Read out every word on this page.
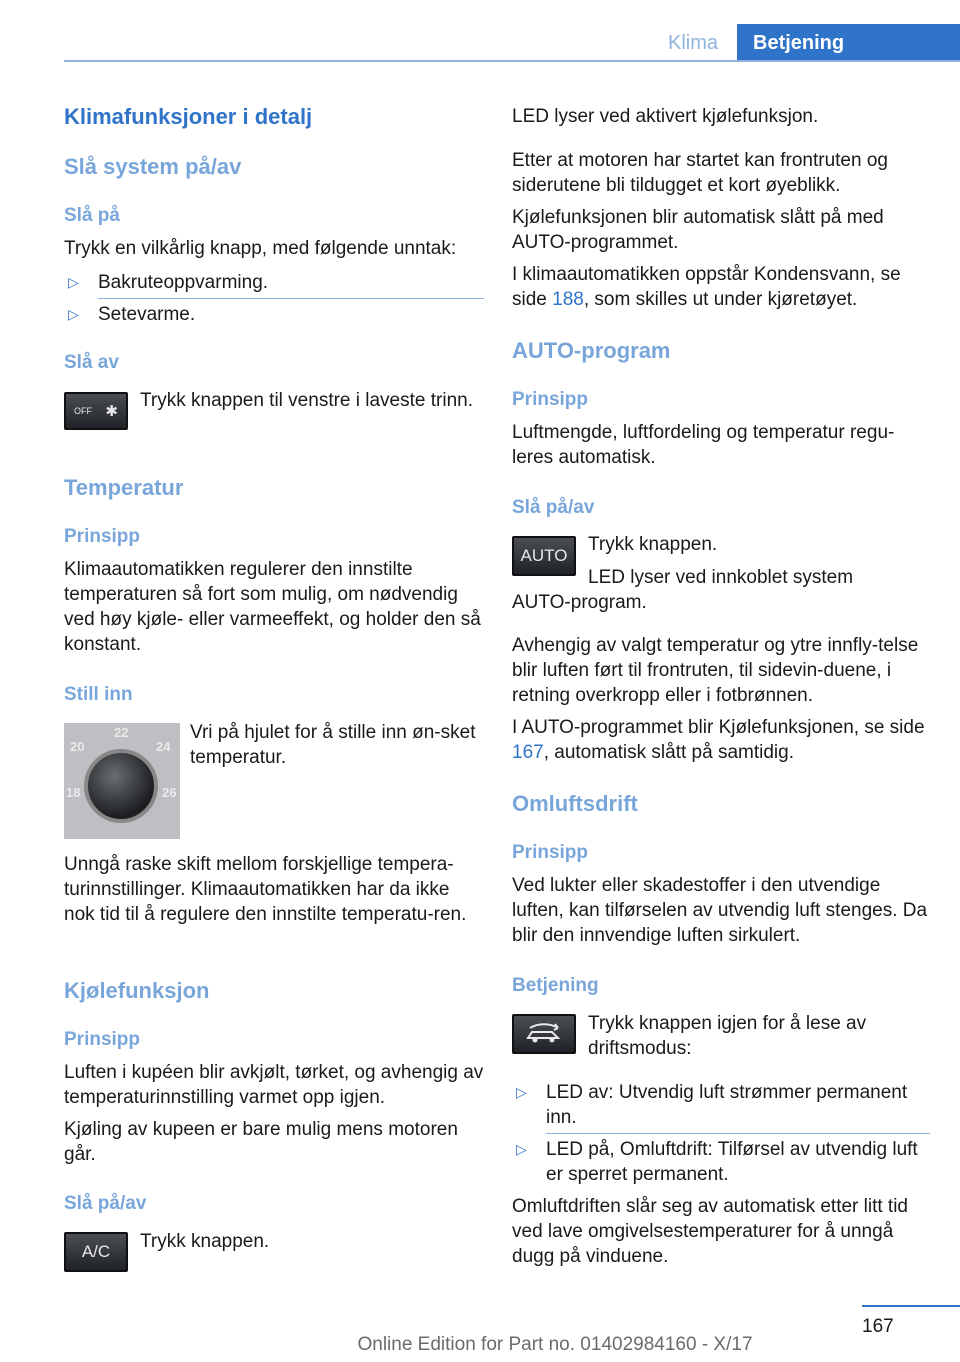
Klima	Betjening
Klimafunksjoner i detalj
Slå system på/av
Slå på
Trykk en vilkårlig knapp, med følgende unntak:
▷ Bakruteoppvarming.
▷ Setevarme.
Slå av
OFF ✱
Trykk knappen til venstre i laveste trinn.
Temperatur
Prinsipp
Klimaautomatikken regulerer den innstilte temperaturen så fort som mulig, om nødvendig ved høy kjøle- eller varmeeffekt, og holder den så konstant.
Still inn
22
20	24
18	26
Vri på hjulet for å stille inn øn-sket temperatur.
Unngå raske skift mellom forskjellige tempera-turinnstillinger. Klimaautomatikken har da ikke nok tid til å regulere den innstilte temperatu-ren.
Kjølefunksjon
Prinsipp
Luften i kupéen blir avkjølt, tørket, og avhengig av temperaturinnstilling varmet opp igjen.
Kjøling av kupeen er bare mulig mens motoren går.
Slå på/av
A/C Trykk knappen.
LED lyser ved aktivert kjølefunksjon.
Etter at motoren har startet kan frontruten og siderutene bli tildugget et kort øyeblikk.
Kjølefunksjonen blir automatisk slått på med AUTO-programmet.
I klimaautomatikken oppstår Kondensvann, se side 188, som skilles ut under kjøretøyet.
AUTO-program
Prinsipp
Luftmengde, luftfordeling og temperatur regu-leres automatisk.
Slå på/av
AUTO
Trykk knappen.
LED lyser ved innkoblet system
AUTO-program.
Avhengig av valgt temperatur og ytre innfly-telse blir luften ført til frontruten, til sidevin-duene, i retning overkropp eller i fotbrønnen.
I AUTO-programmet blir Kjølefunksjonen, se side 167, automatisk slått på samtidig.
Omluftsdrift
Prinsipp
Ved lukter eller skadestoffer i den utvendige luften, kan tilførselen av utvendig luft stenges. Da blir den innvendige luften sirkulert.
Betjening
Trykk knappen igjen for å lese av driftsmodus:
▷ LED av: Utvendig luft strømmer permanent inn.
▷ LED på, Omluftdrift: Tilførsel av utvendig luft er sperret permanent.
Omluftdriften slår seg av automatisk etter litt tid ved lave omgivelsestemperaturer for å unngå dugg på vinduene.
167
Online Edition for Part no. 01402984160 - X/17
